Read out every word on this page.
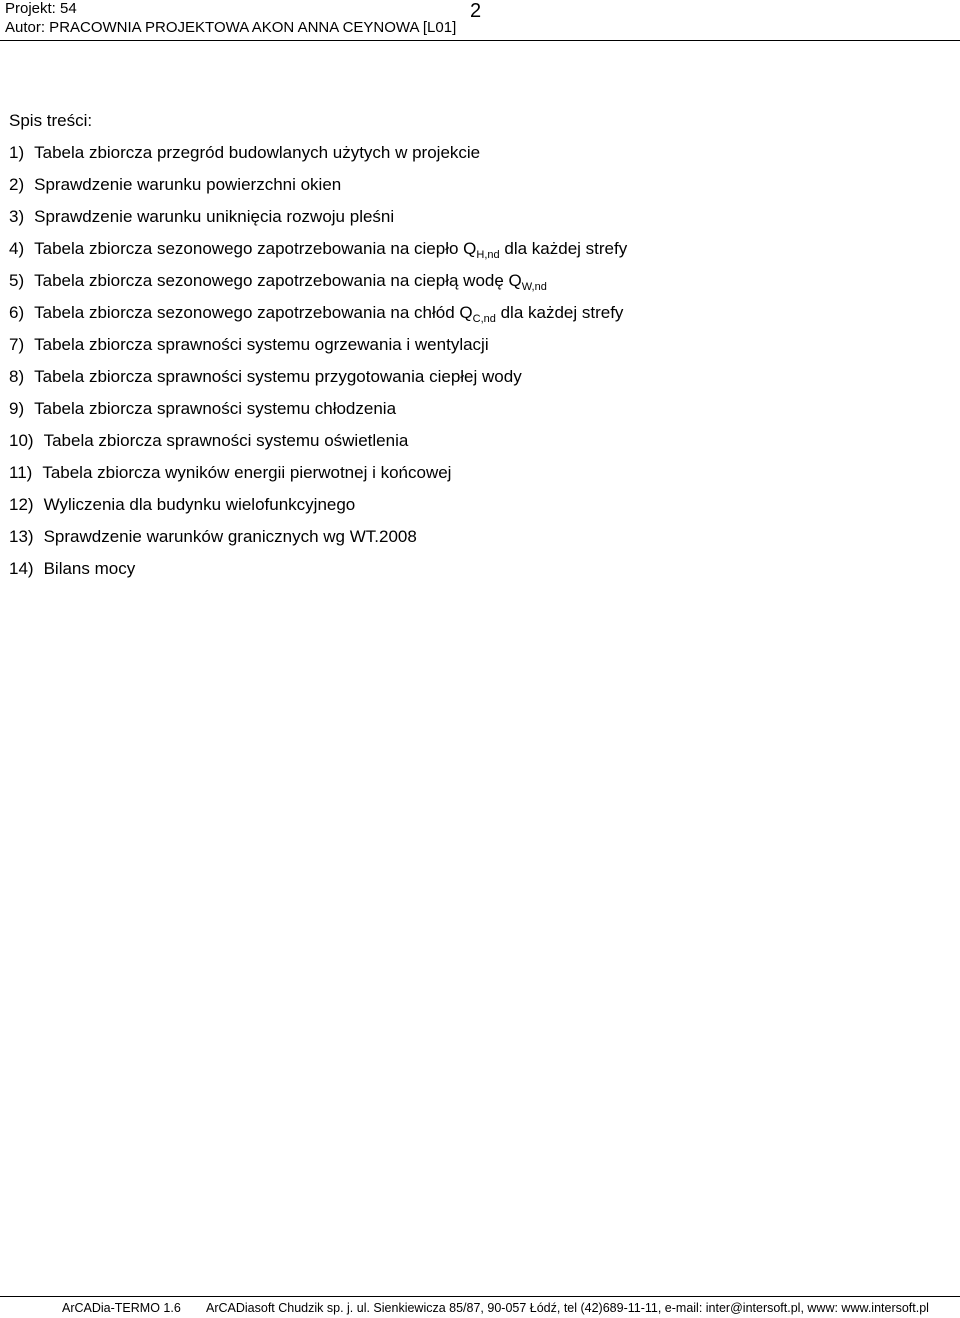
Projekt: 54	2
Autor: PRACOWNIA PROJEKTOWA AKON ANNA CEYNOWA [L01]
Spis treści:
1) Tabela zbiorcza przegród budowlanych użytych w projekcie
2) Sprawdzenie warunku powierzchni okien
3) Sprawdzenie warunku uniknięcia rozwoju pleśni
4) Tabela zbiorcza sezonowego zapotrzebowania na ciepło $Q_{H,nd}$ dla każdej strefy
5) Tabela zbiorcza sezonowego zapotrzebowania na ciepłą wodę $Q_{W,nd}$
6) Tabela zbiorcza sezonowego zapotrzebowania na chłód $Q_{C,nd}$ dla każdej strefy
7) Tabela zbiorcza sprawności systemu ogrzewania i wentylacji
8) Tabela zbiorcza sprawności systemu przygotowania ciepłej wody
9) Tabela zbiorcza sprawności systemu chłodzenia
10) Tabela zbiorcza sprawności systemu oświetlenia
11) Tabela zbiorcza wyników energii pierwotnej i końcowej
12) Wyliczenia dla budynku wielofunkcyjnego
13) Sprawdzenie warunków granicznych wg WT.2008
14) Bilans mocy
ArCADia-TERMO 1.6 ArCADiasoft Chudzik sp. j. ul. Sienkiewicza 85/87, 90-057 Łódź, tel (42)689-11-11, e-mail: inter@intersoft.pl, www: www.intersoft.pl
